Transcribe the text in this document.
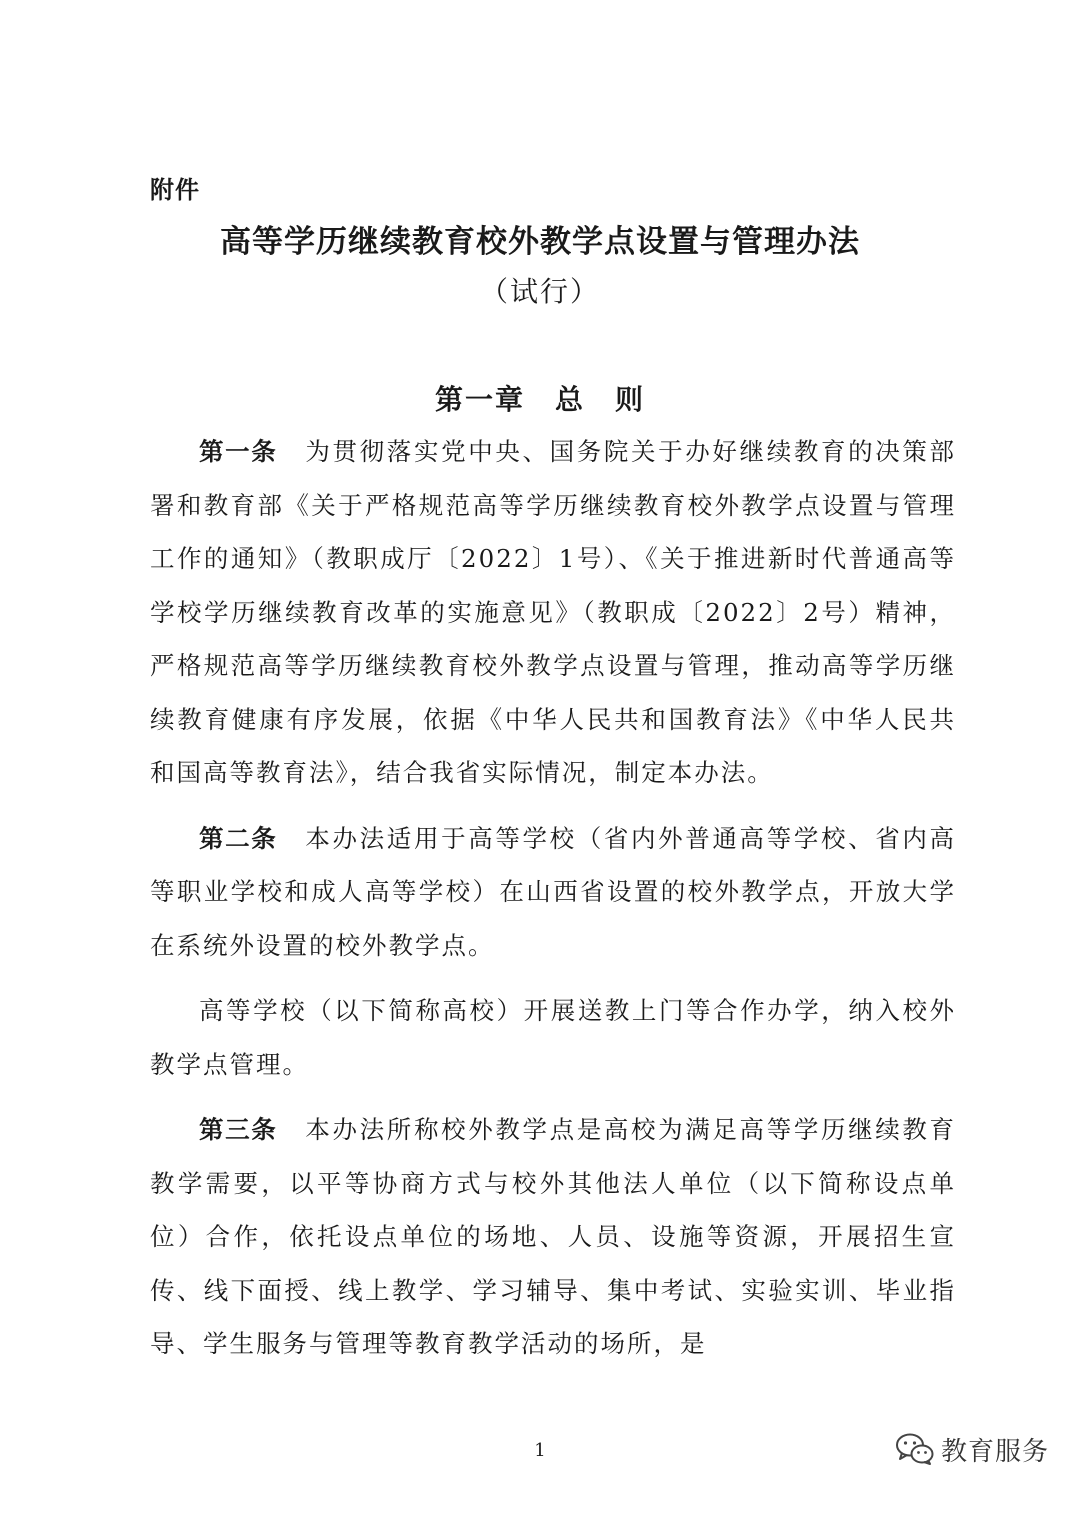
附件
高等学历继续教育校外教学点设置与管理办法
（试行）
第一章　总　则

第一条 为贯彻落实党中央、国务院关于办好继续教育的决策部署和教育部《关于严格规范高等学历继续教育校外教学点设置与管理工作的通知》（教职成厅〔2022〕1号）、《关于推进新时代普通高等学校学历继续教育改革的实施意见》（教职成〔2022〕2号）精神，严格规范高等学历继续教育校外教学点设置与管理，推动高等学历继续教育健康有序发展，依据《中华人民共和国教育法》《中华人民共和国高等教育法》，结合我省实际情况，制定本办法。

第二条 本办法适用于高等学校（省内外普通高等学校、省内高等职业学校和成人高等学校）在山西省设置的校外教学点，开放大学在系统外设置的校外教学点。

高等学校（以下简称高校）开展送教上门等合作办学，纳入校外教学点管理。

第三条 本办法所称校外教学点是高校为满足高等学历继续教育教学需要，以平等协商方式与校外其他法人单位（以下简称设点单位）合作，依托设点单位的场地、人员、设施等资源，开展招生宣传、线下面授、线上教学、学习辅导、集中考试、实验实训、毕业指导、学生服务与管理等教育教学活动的场所，是

1	教育服务
